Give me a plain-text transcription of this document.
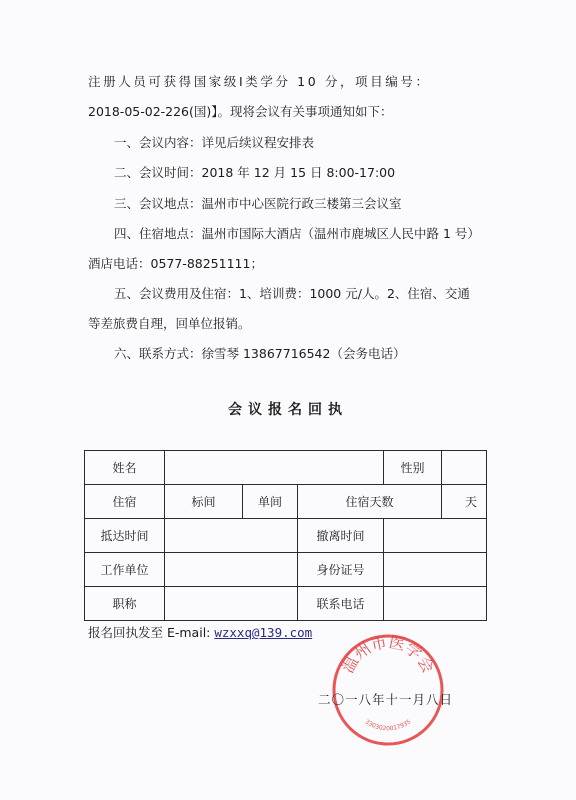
注册人员可获得国家级Ⅰ类学分 10 分，项目编号：
2018-05-02-226(国)】。现将会议有关事项通知如下：
一、会议内容：详见后续议程安排表
二、会议时间：2018 年 12 月 15 日 8:00-17:00
三、会议地点：温州市中心医院行政三楼第三会议室
四、住宿地点：温州市国际大酒店（温州市鹿城区人民中路 1 号）
酒店电话：0577-88251111；
五、会议费用及住宿：1、培训费：1000 元/人。2、住宿、交通
等差旅费自理，回单位报销。
六、联系方式：徐雪琴 13867716542（会务电话）
会议报名回执
姓名				性别	
住宿	标间	单间	住宿天数		天
抵达时间			撤离时间		
工作单位			身份证号		
职称			联系电话		
报名回执发至 E-mail: wzxxq@139.com
温州市医学会
3303020017935
二〇一八年十一月八日
